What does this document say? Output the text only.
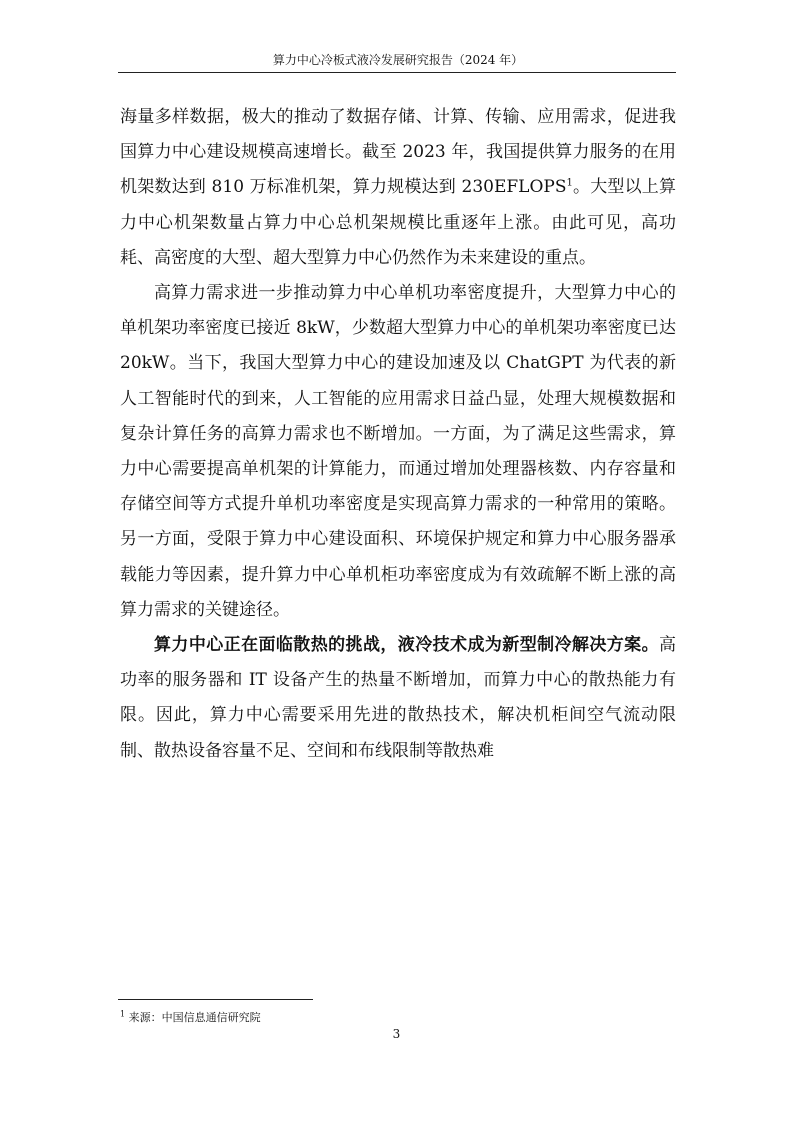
算力中心冷板式液冷发展研究报告（2024 年）

海量多样数据，极大的推动了数据存储、计算、传输、应用需求，促进我国算力中心建设规模高速增长。截至 2023 年，我国提供算力服务的在用机架数达到 810 万标准机架，算力规模达到 230EFLOPS$^1$。大型以上算力中心机架数量占算力中心总机架规模比重逐年上涨。由此可见，高功耗、高密度的大型、超大型算力中心仍然作为未来建设的重点。

高算力需求进一步推动算力中心单机功率密度提升，大型算力中心的单机架功率密度已接近 8kW，少数超大型算力中心的单机架功率密度已达 20kW。当下，我国大型算力中心的建设加速及以 ChatGPT 为代表的新人工智能时代的到来，人工智能的应用需求日益凸显，处理大规模数据和复杂计算任务的高算力需求也不断增加。一方面，为了满足这些需求，算力中心需要提高单机架的计算能力，而通过增加处理器核数、内存容量和存储空间等方式提升单机功率密度是实现高算力需求的一种常用的策略。另一方面，受限于算力中心建设面积、环境保护规定和算力中心服务器承载能力等因素，提升算力中心单机柜功率密度成为有效疏解不断上涨的高算力需求的关键途径。

算力中心正在面临散热的挑战，液冷技术成为新型制冷解决方案。高功率的服务器和 IT 设备产生的热量不断增加，而算力中心的散热能力有限。因此，算力中心需要采用先进的散热技术，解决机柜间空气流动限制、散热设备容量不足、空间和布线限制等散热难

$^1$ 来源：中国信息通信研究院
3
